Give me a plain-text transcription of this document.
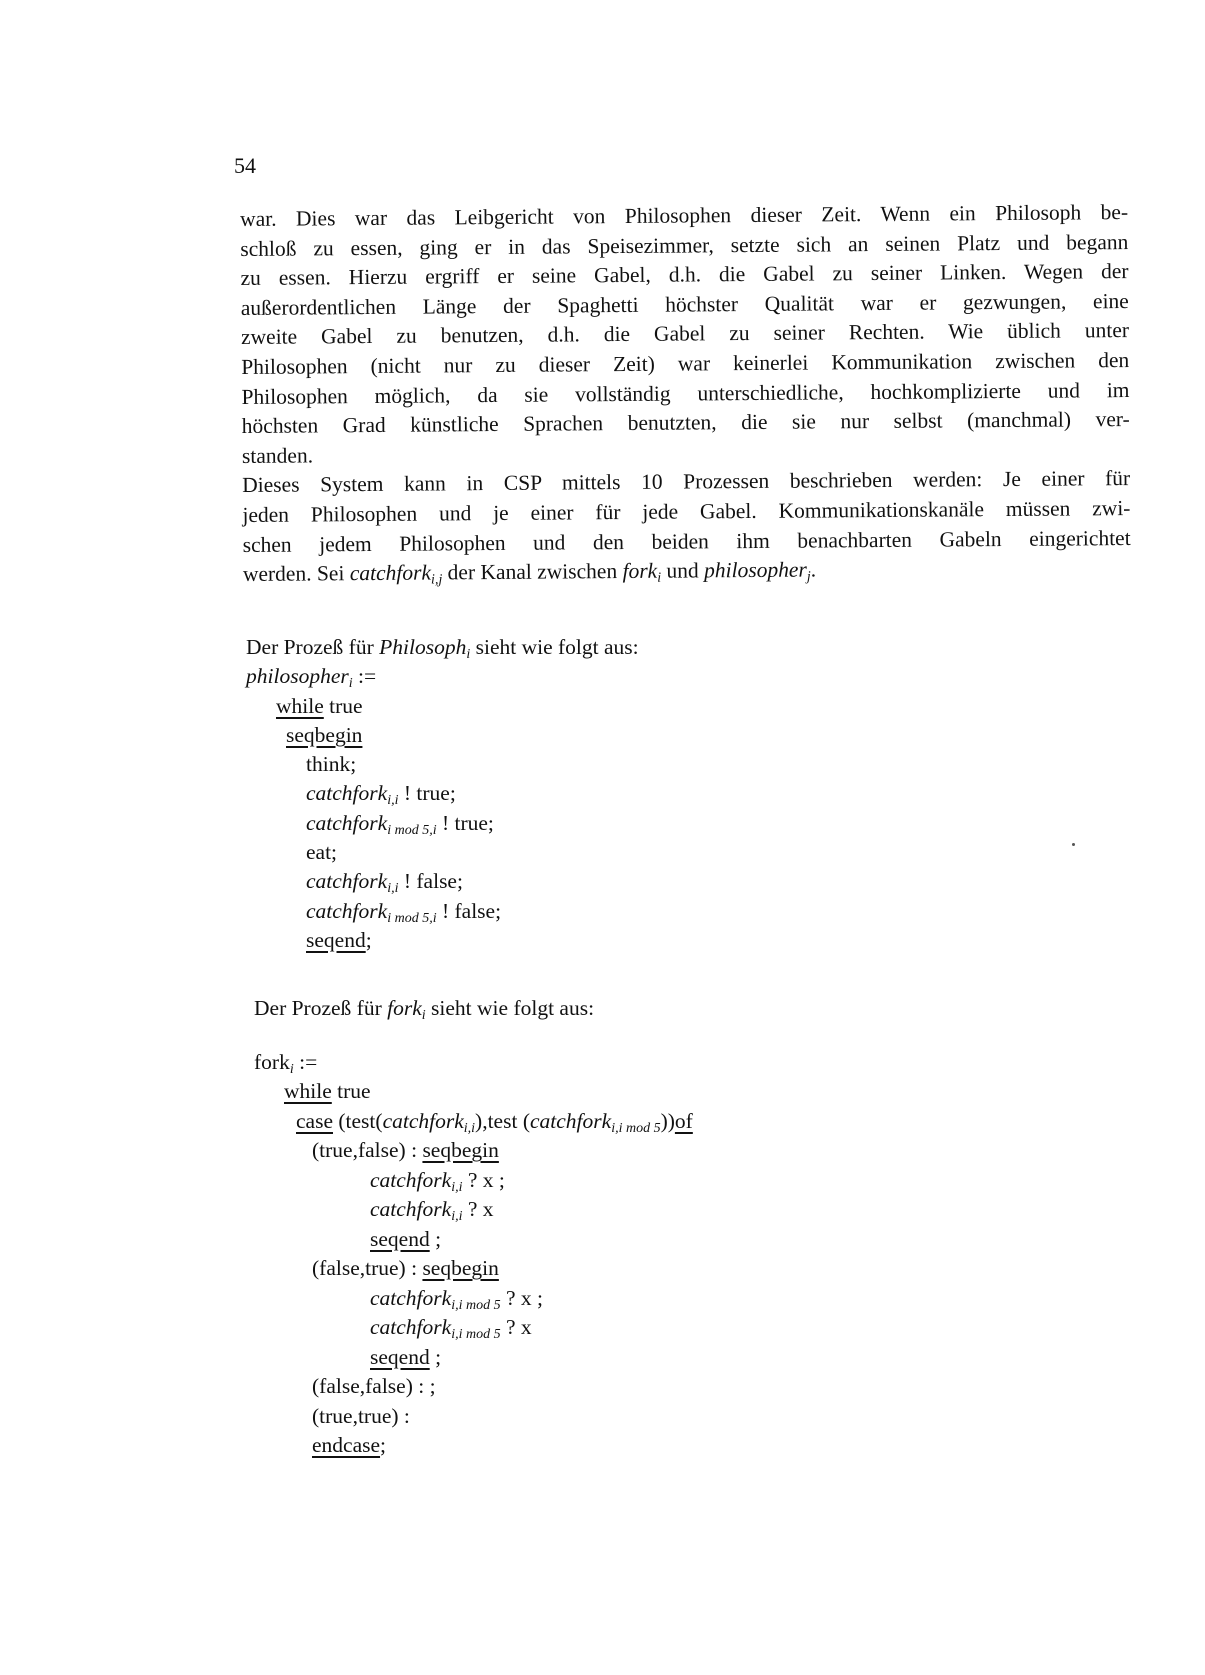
54

war. Dies war das Leibgericht von Philosophen dieser Zeit. Wenn ein Philosoph be-
schloß zu essen, ging er in das Speisezimmer, setzte sich an seinen Platz und begann
zu essen. Hierzu ergriff er seine Gabel, d.h. die Gabel zu seiner Linken. Wegen der
außerordentlichen Länge der Spaghetti höchster Qualität war er gezwungen, eine
zweite Gabel zu benutzen, d.h. die Gabel zu seiner Rechten. Wie üblich unter
Philosophen (nicht nur zu dieser Zeit) war keinerlei Kommunikation zwischen den
Philosophen möglich, da sie vollständig unterschiedliche, hochkomplizierte und im
höchsten Grad künstliche Sprachen benutzten, die sie nur selbst (manchmal) ver-
standen.

Dieses System kann in CSP mittels 10 Prozessen beschrieben werden: Je einer für
jeden Philosophen und je einer für jede Gabel. Kommunikationskanäle müssen zwi-
schen jedem Philosophen und den beiden ihm benachbarten Gabeln eingerichtet
werden. Sei catchfork$_{i,j}$ der Kanal zwischen fork$_i$ und philosopher$_j$.

Der Prozeß für Philosoph$_i$ sieht wie folgt aus:
philosopher$_i$ :=
while true
seqbegin
think;
catchfork$_{i,i}$ ! true;
catchfork$_{i mod 5,i}$ ! true;
eat;
catchfork$_{i,i}$ ! false;
catchfork$_{i mod 5,i}$ ! false;
seqend;
Der Prozeß für fork$_i$ sieht wie folgt aus:
fork$_i$ :=
while true
case (test(catchfork$_{i,i}$),test (catchfork$_{i,i mod 5}$))of
(true,false) : seqbegin
catchfork$_{i,i}$ ? x ;
catchfork$_{i,i}$ ? x
seqend ;
(false,true) : seqbegin
catchfork$_{i,i mod 5}$ ? x ;
catchfork$_{i,i mod 5}$ ? x
seqend ;
(false,false) : ;
(true,true) :
endcase;
